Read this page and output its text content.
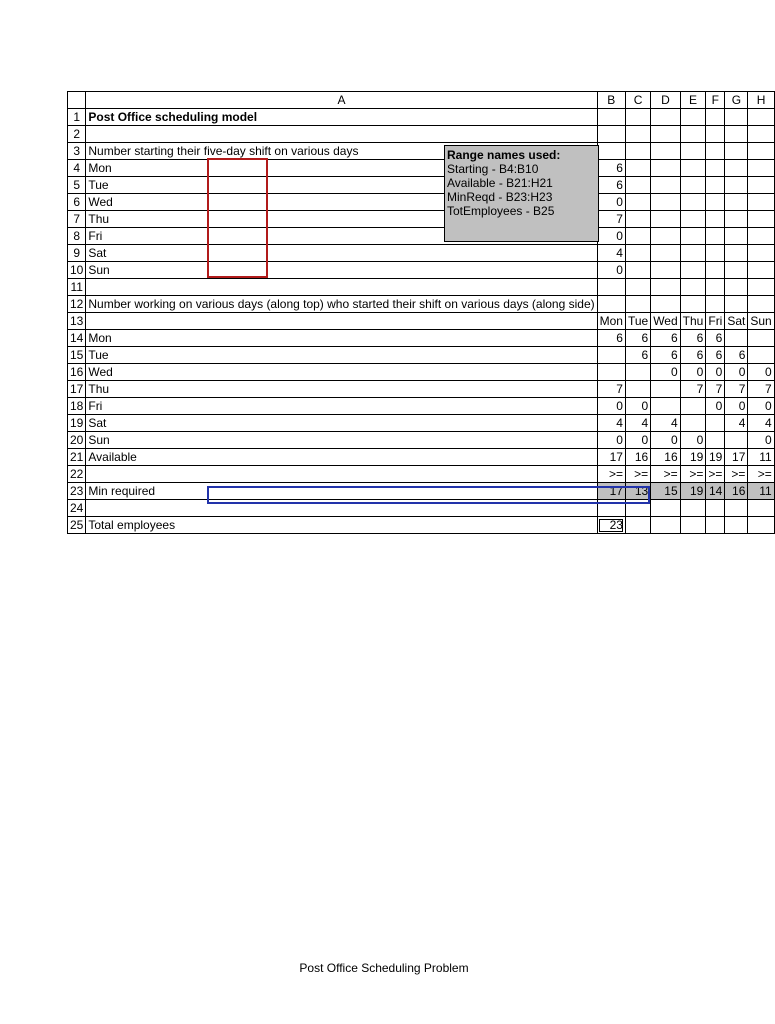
	A	B	C	D	E	F	G	H
1	Post Office scheduling model							
2								
3	Number starting their five-day shift on various days							
4	Mon	6						
5	Tue	6						
6	Wed	0						
7	Thu	7						
8	Fri	0						
9	Sat	4						
10	Sun	0						
11								
12	Number working on various days (along top) who started their shift on various days (along side)							
13		Mon	Tue	Wed	Thu	Fri	Sat	Sun
14	Mon	6	6	6	6	6		
15	Tue		6	6	6	6	6	
16	Wed			0	0	0	0	0
17	Thu	7			7	7	7	7
18	Fri	0	0			0	0	0
19	Sat	4	4	4			4	4
20	Sun	0	0	0	0			0
21	Available	17	16	16	19	19	17	11
22		>=	>=	>=	>=	>=	>=	>=
23	Min required	17	13	15	19	14	16	11
24								
25	Total employees	23						
Range names used:
Starting - B4:B10
Available - B21:H21
MinReqd - B23:H23
TotEmployees - B25
Post Office Scheduling Problem
